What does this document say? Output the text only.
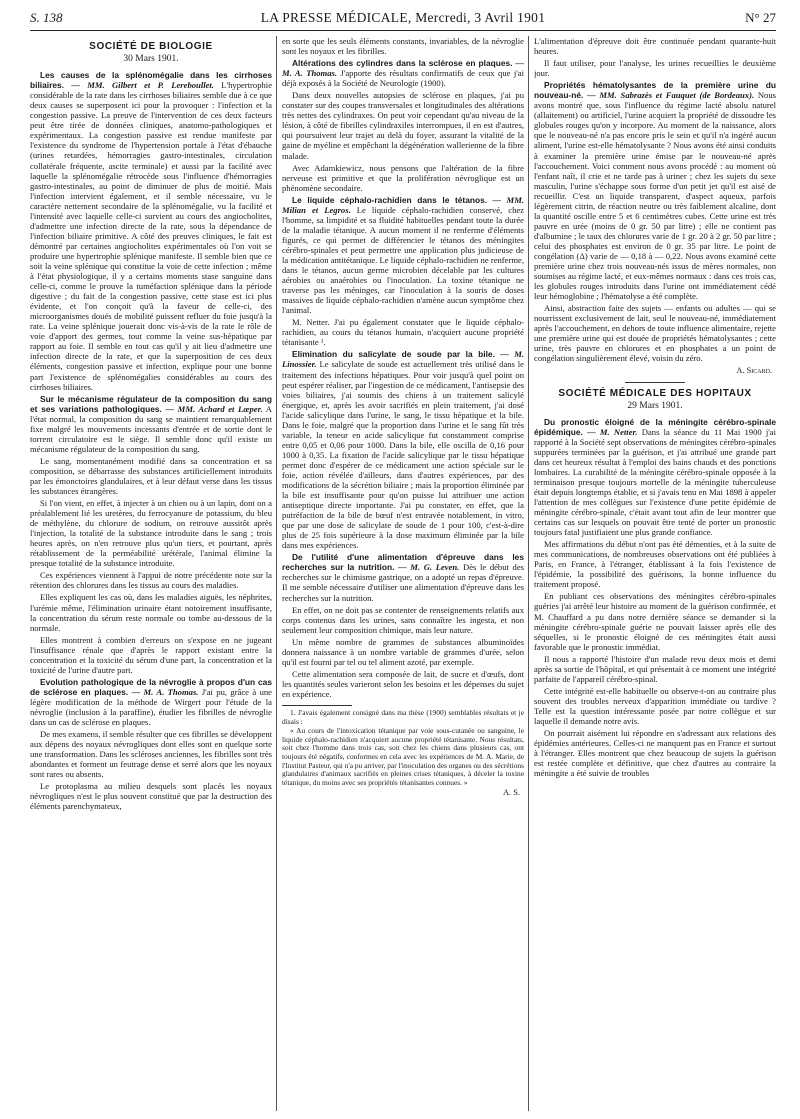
S. 138	LA PRESSE MÉDICALE, Mercredi, 3 Avril 1901	N° 27
SOCIÉTÉ DE BIOLOGIE
30 Mars 1901.

Les causes de la splénomégalie dans les cirrhoses biliaires. — MM. Gilbert et P. Lereboullet. L'hypertrophie considérable de la rate dans les cirrhoses biliaires semble due à ce que deux causes se superposent ici pour la provoquer : l'infection et la congestion passive. La preuve de l'intervention de ces deux facteurs peut être tirée de données cliniques, anatomo-pathologiques et expérimentaux. La congestion passive est rendue manifeste par l'existence du syndrome de l'hypertension portale à l'état d'ébauche (urines retardées, hémorragies gastro-intestinales, circulation collatérale fréquente, ascite terminale) et aussi par la facilité avec laquelle la splénomégalie rétrocède sous l'influence d'hémorragies gastro-intestinales, au point de diminuer de plus de moitié. Mais l'infection intervient également, et il semble nécessaire, vu le caractère nettement secondaire de la splénomégalie, vu la facilité et l'intensité avec laquelle celle-ci survient au cours des angiocholites, d'admettre une infection directe de la rate, sous la dépendance de l'infection biliaire primitive. A côté des preuves cliniques, le fait est démontré par certaines angiocholites expérimentales où l'on voit se produire une hypertrophie splénique manifeste. Il semble bien que ce soit la veine splénique qui constitue la voie de cette infection ; même à l'état physiologique, il y a certains moments stase sanguine dans celle-ci, comme le prouve la tuméfaction splénique dans la période digestive ; du fait de la congestion passive, cette stase est ici plus évidente, et l'on conçoit qu'à la faveur de celle-ci, des microorganismes doués de mobilité puissent refluer du foie jusqu'à la rate. La veine splénique jouerait donc vis-à-vis de la rate le rôle de voie d'apport des germes, tout comme la veine sus-hépatique par rapport au foie. Il semble en tout cas qu'il y ait lieu d'admettre une infection directe de la rate, et que la superposition de ces deux éléments, congestion passive et infection, explique pour une bonne part l'existence de splénomégalies considérables au cours des cirrhoses biliaires.

Sur le mécanisme régulateur de la composition du sang et ses variations pathologiques. — MM. Achard et Lœper. A l'état normal, la composition du sang se maintient remarquablement fixe malgré les mouvements incessants d'entrée et de sortie dont le torrent circulatoire est le siège. Il semble donc qu'il existe un mécanisme régulateur de la composition du sang.

Le sang, momentanément modifié dans sa concentration et sa composition, se débarrasse des substances artificiellement introduits par les émonctoires glandulaires, et à leur défaut verse dans les tissus les substances étrangères.

Si l'on vient, en effet, à injecter à un chien ou à un lapin, dont on a préalablement lié les uretères, du ferrocyanure de potassium, du bleu de méthylène, du chlorure de sodium, on retrouve aussitôt après l'injection, la totalité de la substance introduite dans le sang ; trois heures après, on n'en retrouve plus qu'un tiers, et pourtant, après rétablissement de la perméabilité urétérale, l'animal élimine la presque totalité de la substance introduite.

Ces expériences viennent à l'appui de notre précédente note sur la rétention des chlorures dans les tissus au cours des maladies.

Elles expliquent les cas où, dans les maladies aiguës, les néphrites, l'urémie même, l'élimination urinaire étant notoirement insuffisante, la concentration du sérum reste normale ou tombe au-dessous de la normale.

Elles montrent à combien d'erreurs on s'expose en ne jugeant l'insuffisance rénale que d'après le rapport existant entre la concentration et la toxicité du sérum d'une part, la concentration et la toxicité de l'urine d'autre part.

Evolution pathologique de la névroglie à propos d'un cas de sclérose en plaques. — M. A. Thomas. J'ai pu, grâce à une légère modification de la méthode de Wirgert pour l'étude de la névroglie (inclusion à la paraffine), étudier les fibrilles de névroglie dans un cas de sclérose en plaques.

De mes examens, il semble résulter que ces fibrilles se développent aux dépens des noyaux névrogliques dont elles sont en quelque sorte une transformation. Dans les scléroses anciennes, les fibrilles sont très abondantes et forment un feutrage dense et serré alors que les noyaux sont rares ou absents.

Le protoplasma au milieu desquels sont placés les noyaux névrogliques n'est le plus souvent constitué que par la destruction des éléments parenchymateux,

en sorte que les seuls éléments constants, invariables, de la névroglie sont les noyaux et les fibrilles.

Altérations des cylindres dans la sclérose en plaques. — M. A. Thomas. J'apporte des résultats confirmatifs de ceux que j'ai déjà exposés à la Société de Neurologie (1900).

Dans deux nouvelles autopsies de sclérose en plaques, j'ai pu constater sur des coupes transversales et longitudinales des altérations très nettes des cylindraxes. On peut voir cependant qu'au niveau de la lésion, à côté de fibrilles cylindraxiles interrompues, il en est d'autres, qui poursuivent leur trajet au delà du foyer, assurant la vitalité de la gaine de myéline et empêchant la dégénération wallerienne de la fibre malade.

Avec Adamkiewicz, nous pensons que l'altération de la fibre nerveuse est primitive et que la prolifération névroglique est un phénomène secondaire.

Le liquide céphalo-rachidien dans le tétanos. — MM. Milian et Legros. Le liquide céphalo-rachidien conservé, chez l'homme, sa limpidité et sa fluidité habituelles pendant toute la durée de la maladie tétanique. A aucun moment il ne renferme d'éléments figurés, ce qui permet de différencier le tétanos des méningites cérébro-spinales et peut permettre une application plus judicieuse de la médication antitétanique. Le liquide céphalo-rachidien ne renferme, dans le tétanos, aucun germe microbien décelable par les cultures aérobies ou anaérobies ou l'inoculation. La toxine tétanique ne traverse pas les méninges, car l'inoculation à la souris de doses massives de liquide céphalo-rachidien n'amène aucun symptôme chez l'animal.

M. Netter. J'ai pu également constater que le liquide céphalo-rachidien, au cours du tétanos humain, n'acquiert aucune propriété tétanisante ¹.

Elimination du salicylate de soude par la bile. — M. Linossier. Le salicylate de soude est actuellement très utilisé dans le traitement des infections hépatiques. Pour voir jusqu'à quel point on peut espérer réaliser, par l'ingestion de ce médicament, l'antisepsie des voies biliaires, j'ai soumis des chiens à un traitement salicylé énergique, et, après les avoir sacrifiés en plein traitement, j'ai dosé l'acide salicylique dans l'urine, le sang, le tissu hépatique et la bile. Dans le foie, malgré que la proportion dans l'urine et le sang fût très variable, la teneur en acide salicylique fut constamment comprise entre 0,05 et 0,06 pour 1000. Dans la bile, elle oscilla de 0,16 pour 1000 à 0,35. La fixation de l'acide salicylique par le tissu hépatique permet donc d'espérer de ce médicament une action spéciale sur le foie, action révélée d'ailleurs, dans d'autres expériences, par des modifications de la sécrétion biliaire ; mais la proportion éliminée par la bile est insuffisante pour qu'on puisse lui attribuer une action antiseptique directe importante. J'ai pu constater, en effet, que la putréfaction de la bile de bœuf n'est entravée notablement, in vitro, que par une dose de salicylate de soude de 1 pour 100, c'est-à-dire plus de 25 fois supérieure à la dose maximum éliminée par la bile dans mes expériences.

De l'utilité d'une alimentation d'épreuve dans les recherches sur la nutrition. — M. G. Leven. Dès le début des recherches sur le chimisme gastrique, on a adopté un repas d'épreuve. Il me semble nécessaire d'utiliser une alimentation d'épreuve dans les recherches sur la nutrition.

En effet, on ne doit pas se contenter de renseignements relatifs aux corps contenus dans les urines, sans connaître les ingesta, et non seulement leur composition chimique, mais leur nature.

Un même nombre de grammes de substances albuminoïdes donnera naissance à un nombre variable de grammes d'urée, selon qu'il est fourni par tel ou tel aliment azoté, par exemple.

Cette alimentation sera composée de lait, de sucre et d'œufs, dont les quantités seules varieront selon les besoins et les dépenses du sujet en expérience.

1. J'avais également consigné dans ma thèse (1900) semblables résultats et je disais :

« Au cours de l'intoxication tétanique par voie sous-cutanée ou sanguine, le liquide céphalo-rachidien n'acquiert aucune propriété tétanisante. Nous résultats, soit chez l'homme dans trois cas, soit chez les chiens dans plusieurs cas, ont toujours été négatifs, conformes en cela avec les expériences de M. A. Marie, de l'Institut Pasteur, qui n'a pu arriver, par l'inoculation des organes ou des sécrétions glandulaires d'animaux sacrifiés en pleines crises tétaniques, à déceler la toxine tétanique, du moins avec ses propriétés tétanisantes connues. »

A. S.

L'alimentation d'épreuve doit être continuée pendant quarante-huit heures.

Il faut utiliser, pour l'analyse, les urines recueillies le deuxième jour.

Propriétés hématolysantes de la première urine du nouveau-né. — MM. Sabrazès et Fauquet (de Bordeaux). Nous avons montré que, sous l'influence du régime lacté absolu naturel (allaitement) ou artificiel, l'urine acquiert la propriété de dissoudre les globules rouges qu'on y incorpore. Au moment de la naissance, alors que le nouveau-né n'a pas encore pris le sein et qu'il n'a ingéré aucun aliment, l'urine est-elle hématolysante ? Nous avons été ainsi conduits à examiner la première urine émise par le nouveau-né après l'accouchement. Voici comment nous avons procédé : au moment où l'enfant naît, il crie et ne tarde pas à uriner ; chez les sujets du sexe masculin, l'urine s'échappe sous forme d'un petit jet qu'il est aisé de recueillir. C'est un liquide transparent, d'aspect aqueux, parfois légèrement citrin, de réaction neutre ou très faiblement alcaline, dont la quantité oscille entre 5 et 6 centimètres cubes. Cette urine est très pauvre en urée (moins de 0 gr. 50 par litre) ; elle ne contient pas d'albumine ; le taux des chlorures varie de 1 gr. 20 à 2 gr. 50 par litre ; celui des phosphates est environ de 0 gr. 35 par litre. Le point de congélation (Δ) varie de — 0,18 à — 0,22. Nous avons examiné cette première urine chez trois nouveau-nés issus de mères normales, non soumises au régime lacté, et eux-mêmes normaux : dans ces trois cas, les globules rouges introduits dans l'urine ont immédiatement cédé leur hémoglobine ; l'hématolyse a été complète.

Ainsi, abstraction faite des sujets — enfants ou adultes — qui se nourrissent exclusivement de lait, seul le nouveau-né, immédiatement après l'accouchement, en dehors de toute influence alimentaire, rejette une première urine qui est douée de propriétés hématolysantes ; cette urine, très pauvre en chlorures et en phosphates a un point de congélation singulièrement élevé, voisin du zéro.

A. Sicard.
SOCIÉTÉ MÉDICALE DES HOPITAUX
29 Mars 1901.

Du pronostic éloigné de la méningite cérébro-spinale épidémique. — M. Netter. Dans la séance du 11 Mai 1900 j'ai rapporté à la Société sept observations de méningites cérébro-spinales suppurées terminées par la guérison, et j'ai attribué une grande part dans cet heureux résultat à l'emploi des bains chauds et des ponctions lombaires. La curabilité de la méningite cérébro-spinale opposée à la terminaison presque toujours mortelle de la méningite tuberculeuse était depuis longtemps établie, et si j'avais tenu en Mai 1898 à appeler l'attention de mes collègues sur l'existence d'une petite épidémie de méningite cérébro-spinale, c'était avant tout afin de leur montrer que certains cas sur lesquels on pouvait être tenté de porter un pronostic toujours fatal justifiaient une plus grande confiance.

Mes affirmations du début n'ont pas été démenties, et à la suite de mes communications, de nombreuses observations ont été publiées à Paris, en France, à l'étranger, établissant à la fois l'existence de l'épidémie, la possibilité des guérisons, la bonne influence du traitement proposé.

En publiant ces observations des méningites cérébro-spinales guéries j'ai arrêté leur histoire au moment de la guérison confirmée, et M. Chauffard a pu dans notre dernière séance se demander si la méningite cérébro-spinale guérie ne pouvait laisser après elle des séquelles, si le pronostic éloigné de ces méningites était aussi favorable que le pronostic immédiat.

Il nous a rapporté l'histoire d'un malade revu deux mois et demi après sa sortie de l'hôpital, et qui présentait à ce moment une intégrité parfaite de l'appareil cérébro-spinal.

Cette intégrité est-elle habituelle ou observe-t-on au contraire plus souvent des troubles nerveux d'apparition immédiate ou tardive ? Telle est la question intéressante posée par notre collègue et sur laquelle il demande notre avis.

On pourrait aisément lui répondre en s'adressant aux relations des épidémies antérieures. Celles-ci ne manquent pas en France et surtout à l'étranger. Elles montrent que chez beaucoup de sujets la guérison est restée complète et définitive, que chez d'autres au contraire la méningite a été suivie de troubles
